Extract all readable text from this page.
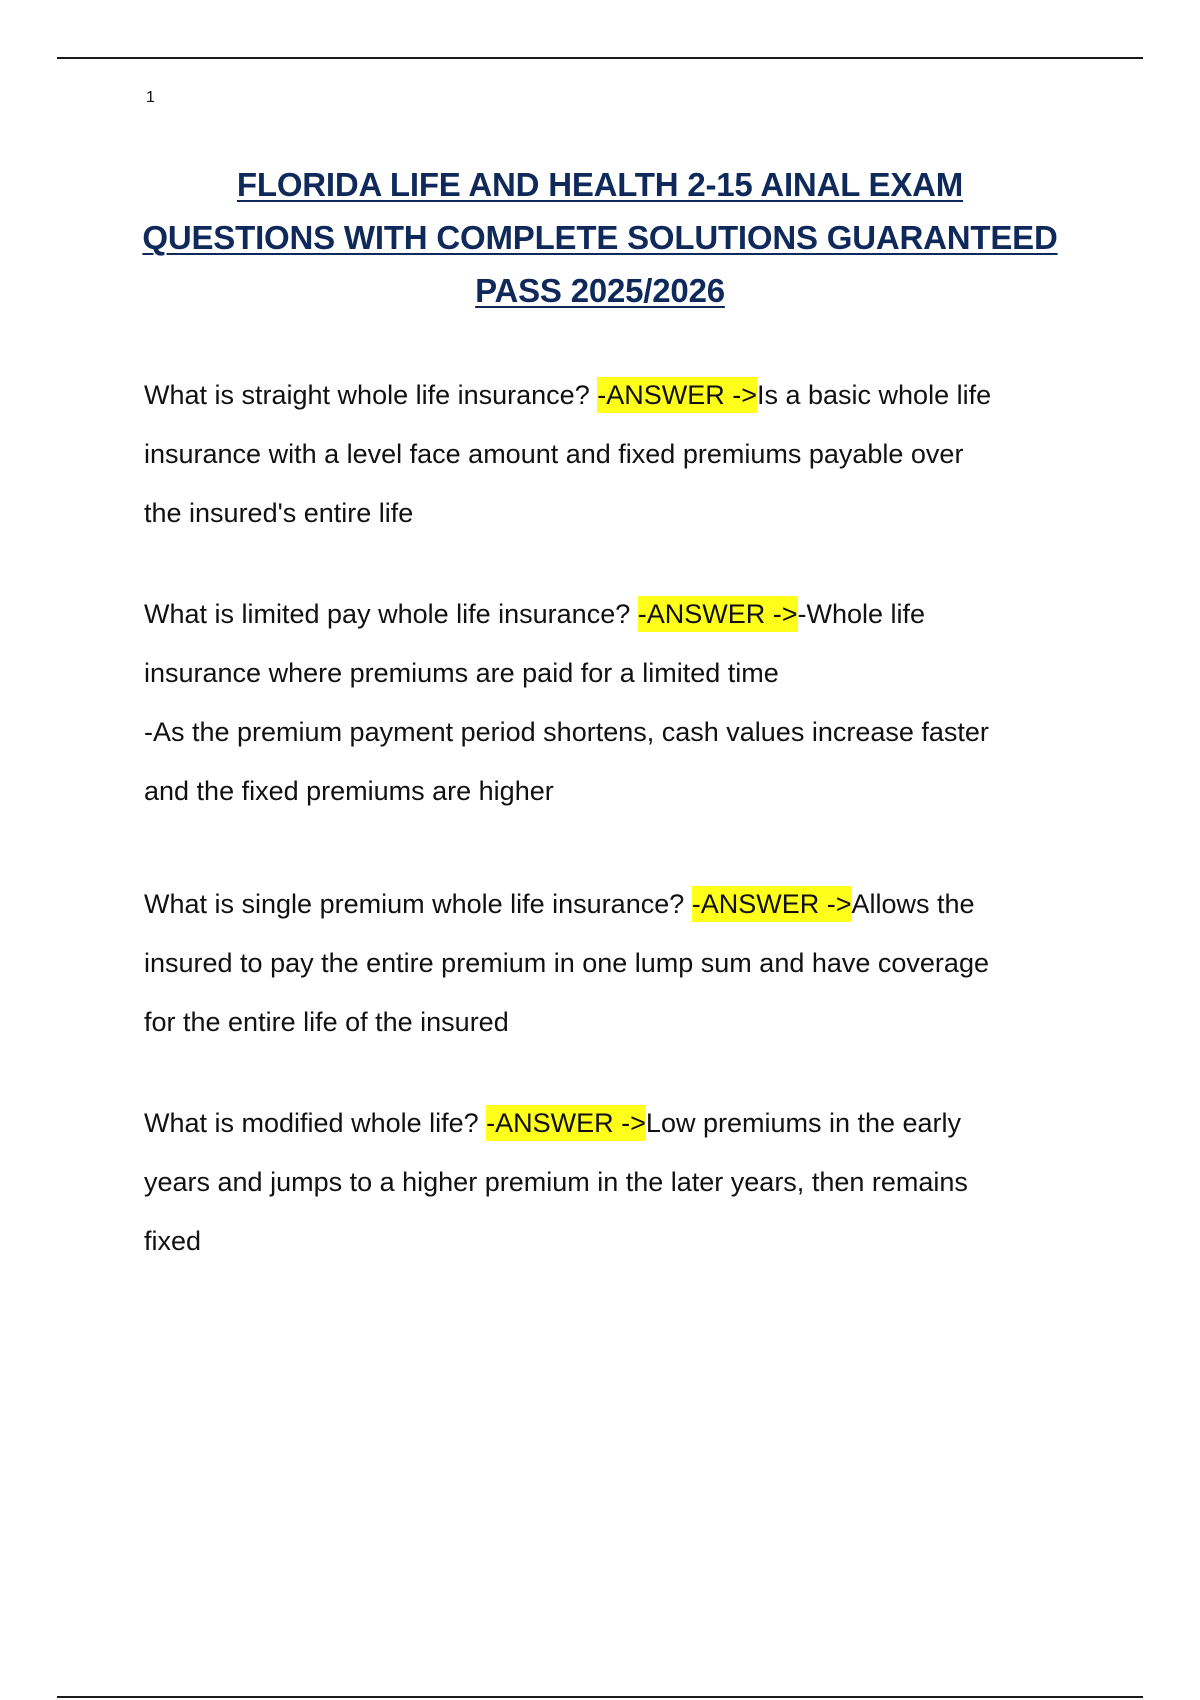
1
FLORIDA LIFE AND HEALTH 2-15 AINAL EXAM
QUESTIONS WITH COMPLETE SOLUTIONS GUARANTEED
PASS 2025/2026

What is straight whole life insurance? -ANSWER ->Is a basic whole life
insurance with a level face amount and fixed premiums payable over
the insured's entire life

What is limited pay whole life insurance? -ANSWER ->-Whole life
insurance where premiums are paid for a limited time
-As the premium payment period shortens, cash values increase faster
and the fixed premiums are higher

What is single premium whole life insurance? -ANSWER ->Allows the
insured to pay the entire premium in one lump sum and have coverage
for the entire life of the insured

What is modified whole life? -ANSWER ->Low premiums in the early
years and jumps to a higher premium in the later years, then remains
fixed
